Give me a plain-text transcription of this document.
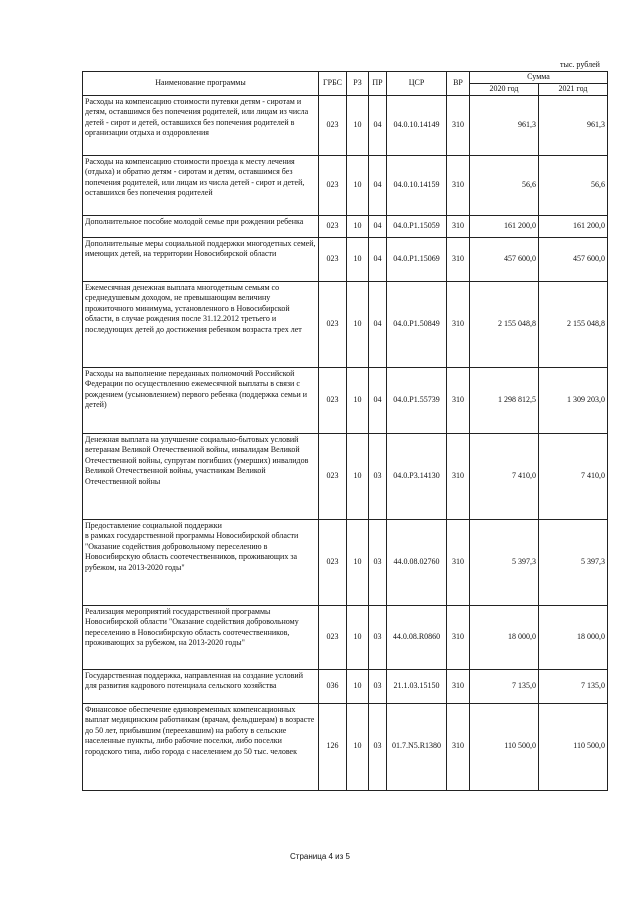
тыс. рублей
Наименование программы	ГРБС	РЗ	ПР	ЦСР	ВР	Сумма	
						2020 год	2021 год
Расходы на компенсацию стоимости путевки детям - сиротам и детям, оставшимся без попечения родителей, или лицам из числа детей - сирот и детей, оставшихся без попечения родителей в организации отдыха и оздоровления	023	10	04	04.0.10.14149	310	961,3	961,3
Расходы на компенсацию стоимости проезда к месту лечения (отдыха) и обратно детям - сиротам и детям, оставшимся без попечения родителей, или лицам из числа детей - сирот и детей, оставшихся без попечения родителей	023	10	04	04.0.10.14159	310	56,6	56,6
Дополнительное пособие молодой семье при рождении ребенка	023	10	04	04.0.P1.15059	310	161 200,0	161 200,0
Дополнительные меры социальной поддержки многодетных семей, имеющих детей, на территории Новосибирской области	023	10	04	04.0.P1.15069	310	457 600,0	457 600,0
Ежемесячная денежная выплата многодетным семьям со среднедушевым доходом, не превышающим величину прожиточного минимума, установленного в Новосибирской области, в случае рождения после 31.12.2012 третьего и последующих детей до достижения ребенком возраста трех лет	023	10	04	04.0.P1.50849	310	2 155 048,8	2 155 048,8
Расходы на выполнение переданных полномочий Российской Федерации по осуществлению ежемесячной выплаты в связи с рождением (усыновлением) первого ребенка (поддержка семьи и детей)	023	10	04	04.0.P1.55739	310	1 298 812,5	1 309 203,0
Денежная выплата на улучшение социально-бытовых условий ветеранам Великой Отечественной войны, инвалидам Великой Отечественной войны, супругам погибших (умерших) инвалидов Великой Отечественной войны, участникам Великой Отечественной войны	023	10	03	04.0.P3.14130	310	7 410,0	7 410,0
Предоставление социальной поддержки
в рамках государственной программы Новосибирской области
"Оказание содействия добровольному переселению в Новосибирскую область соотечественников, проживающих за рубежом, на 2013-2020 годы"	023	10	03	44.0.08.02760	310	5 397,3	5 397,3
Реализация мероприятий государственной программы Новосибирской области "Оказание содействия добровольному переселению в Новосибирскую область соотечественников, проживающих за рубежом, на 2013-2020 годы"	023	10	03	44.0.08.R0860	310	18 000,0	18 000,0
Государственная поддержка, направленная на создание условий для развития кадрового потенциала сельского хозяйства	036	10	03	21.1.03.15150	310	7 135,0	7 135,0
Финансовое обеспечение единовременных компенсационных выплат медицинским работникам (врачам, фельдшерам) в возрасте до 50 лет, прибывшим (переехавшим) на работу в сельские населенные пункты, либо рабочие поселки, либо поселки городского типа, либо города с населением до 50 тыс. человек	126	10	03	01.7.N5.R1380	310	110 500,0	110 500,0
Страница 4 из 5
